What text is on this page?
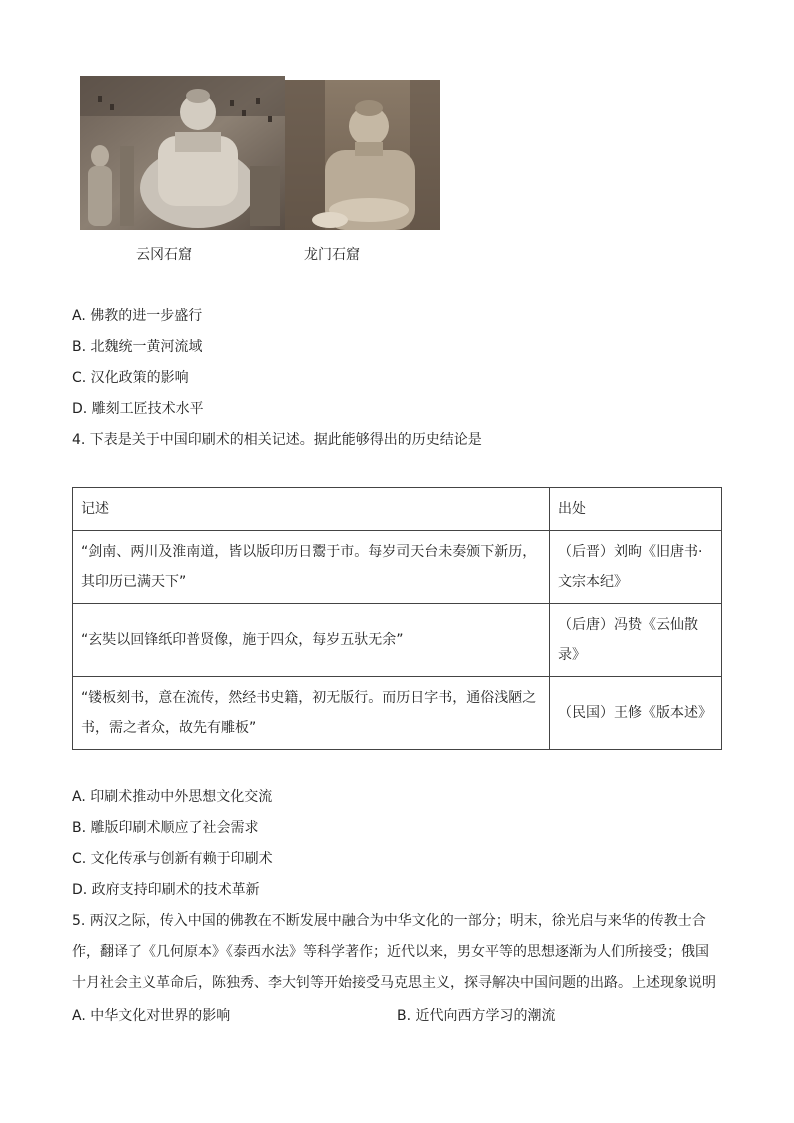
云冈石窟	龙门石窟
A. 佛教的进一步盛行
B. 北魏统一黄河流域
C. 汉化政策的影响
D. 雕刻工匠技术水平
4. 下表是关于中国印刷术的相关记述。据此能够得出的历史结论是
记述	出处
“剑南、两川及淮南道，皆以版印历日鬻于市。每岁司天台未奏颁下新历，其印历已满天下”	（后晋）刘昫《旧唐书·文宗本纪》
“玄奘以回锋纸印普贤像，施于四众，每岁五驮无余”	（后唐）冯贽《云仙散录》
“镂板刻书，意在流传，然经书史籍，初无版行。而历日字书，通俗浅陋之书，需之者众，故先有雕板”	（民国）王修《版本述》
A. 印刷术推动中外思想文化交流
B. 雕版印刷术顺应了社会需求
C. 文化传承与创新有赖于印刷术
D. 政府支持印刷术的技术革新
5. 两汉之际，传入中国的佛教在不断发展中融合为中华文化的一部分；明末，徐光启与来华的传教士合作，翻译了《几何原本》《泰西水法》等科学著作；近代以来，男女平等的思想逐渐为人们所接受；俄国十月社会主义革命后，陈独秀、李大钊等开始接受马克思主义，探寻解决中国问题的出路。上述现象说明
A. 中华文化对世界的影响	B. 近代向西方学习的潮流
